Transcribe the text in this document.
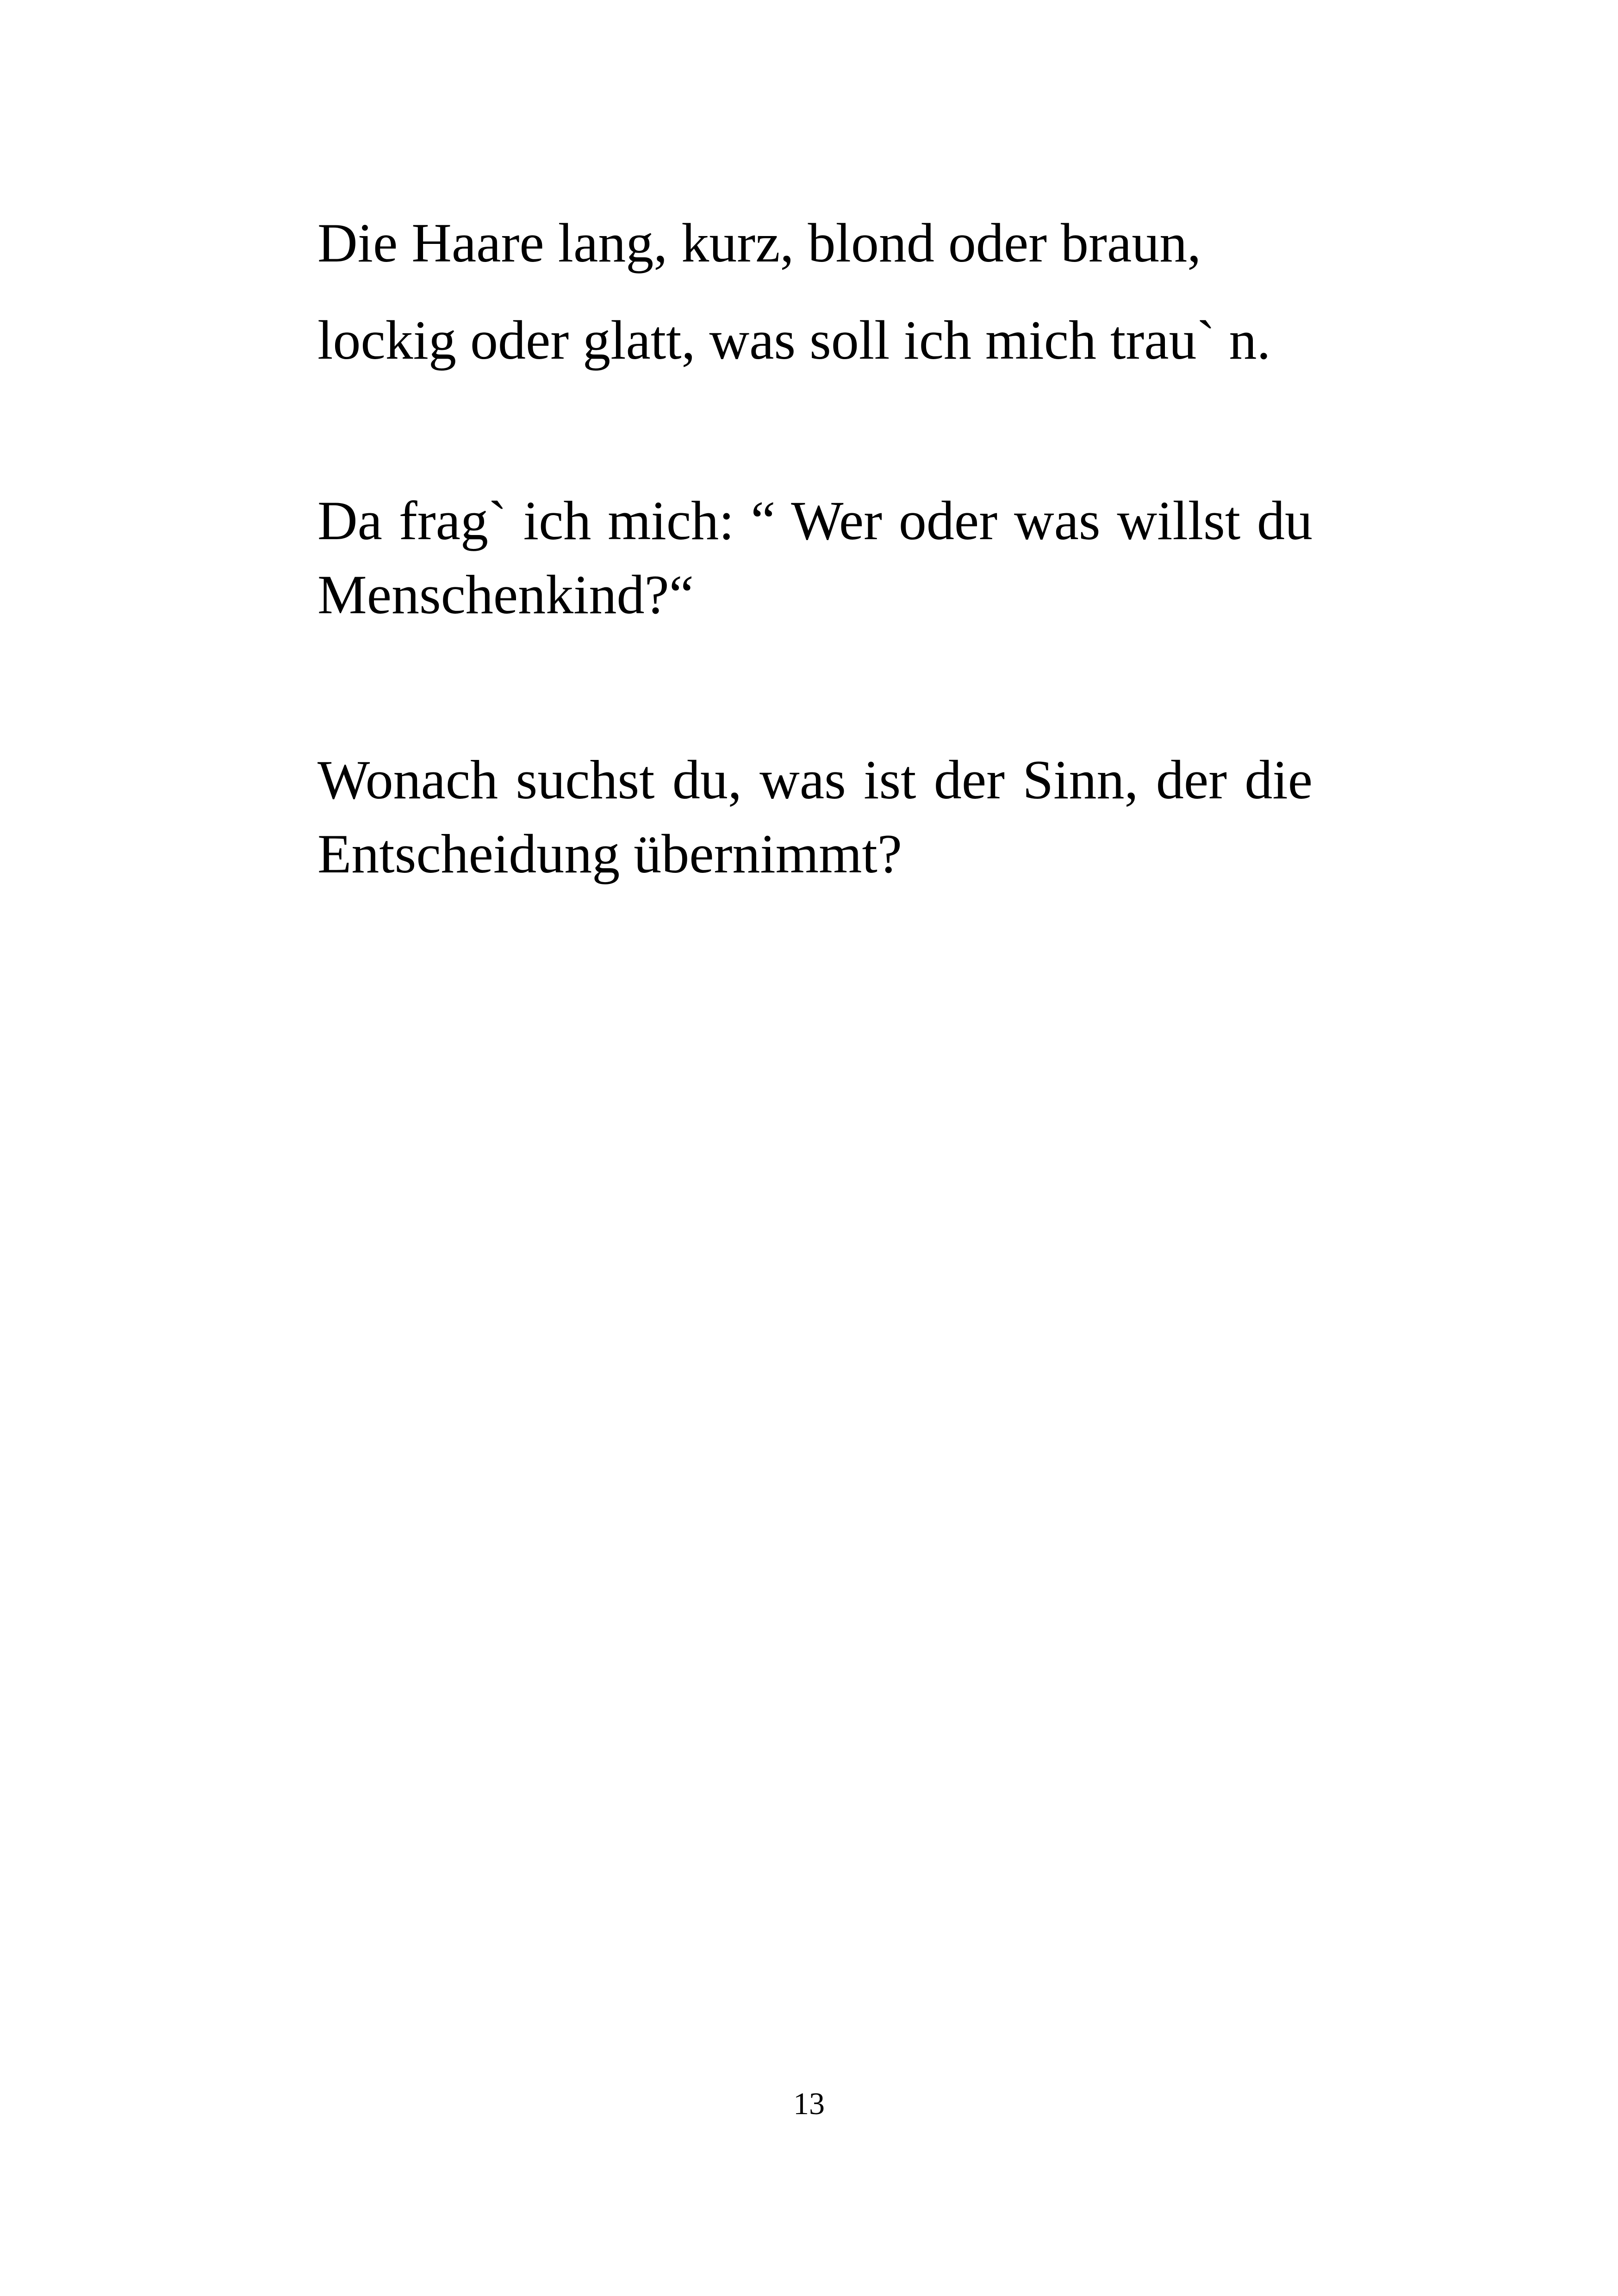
Die Haare lang, kurz, blond oder braun,

lockig oder glatt, was soll ich mich trau` n.

Da frag` ich mich: “ Wer oder was willst du Menschenkind?“

Wonach suchst du, was ist der Sinn, der die Entscheidung übernimmt?

13
